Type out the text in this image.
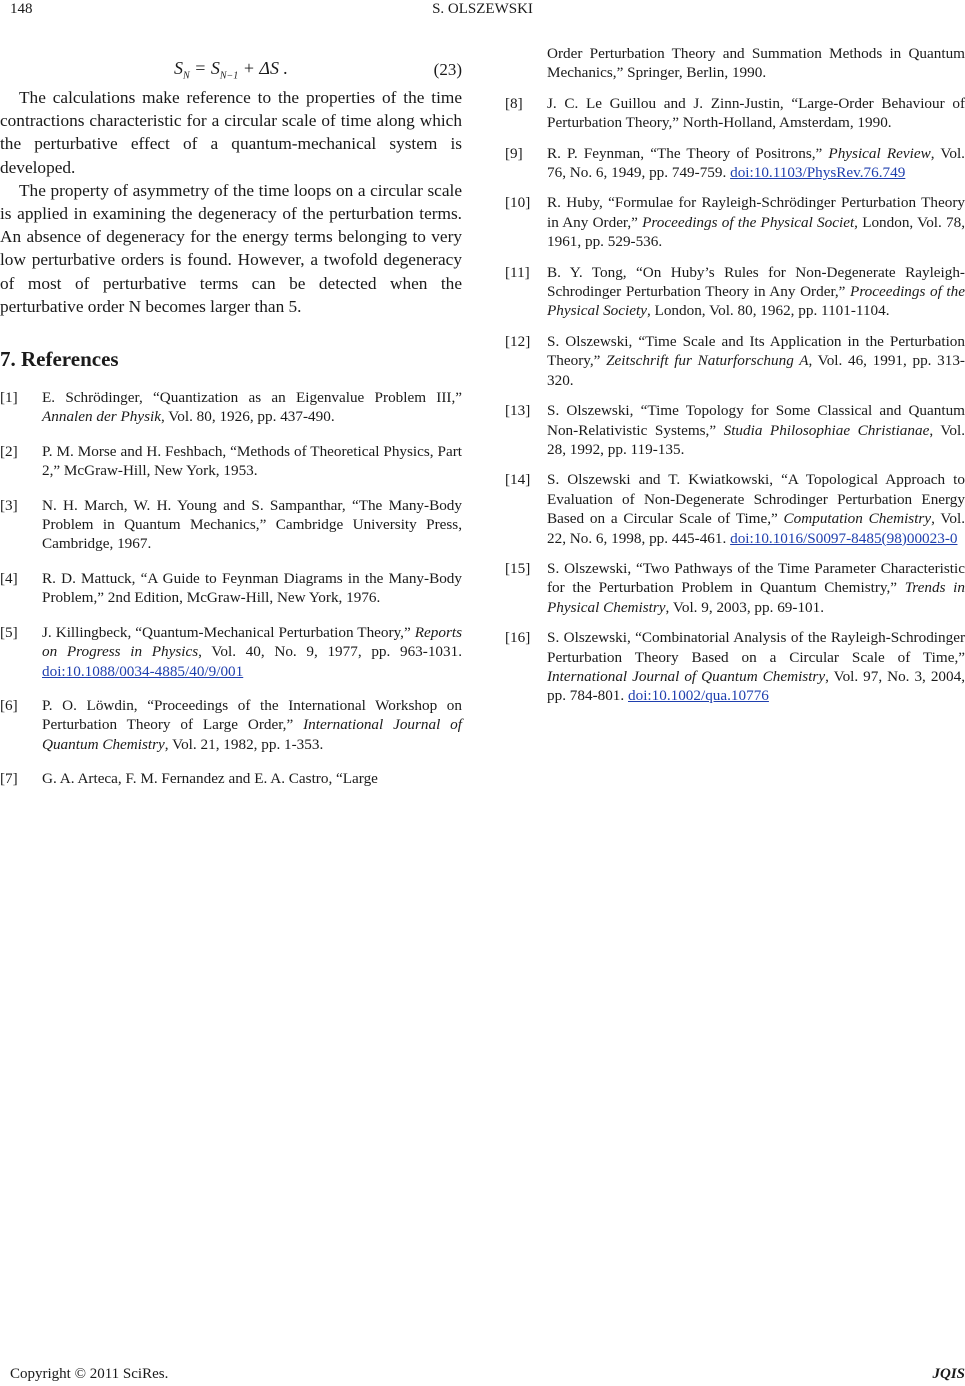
148	S. OLSZEWSKI
$S_N = S_{N-1} + \Delta S$ .	(23)

The calculations make reference to the properties of the time contractions characteristic for a circular scale of time along which the perturbative effect of a quantum-mechanical system is developed.

The property of asymmetry of the time loops on a circular scale is applied in examining the degeneracy of the perturbation terms. An absence of degeneracy for the energy terms belonging to very low perturbative orders is found. However, a twofold degeneracy of most of perturbative terms can be detected when the perturbative order N becomes larger than 5.

7. References
[1] E. Schrödinger, “Quantization as an Eigenvalue Problem III,” Annalen der Physik, Vol. 80, 1926, pp. 437-490.
[2] P. M. Morse and H. Feshbach, “Methods of Theoretical Physics, Part 2,” McGraw-Hill, New York, 1953.
[3] N. H. March, W. H. Young and S. Sampanthar, “The Many-Body Problem in Quantum Mechanics,” Cambridge University Press, Cambridge, 1967.
[4] R. D. Mattuck, “A Guide to Feynman Diagrams in the Many-Body Problem,” 2nd Edition, McGraw-Hill, New York, 1976.
[5] J. Killingbeck, “Quantum-Mechanical Perturbation Theory,” Reports on Progress in Physics, Vol. 40, No. 9, 1977, pp. 963-1031. doi:10.1088/0034-4885/40/9/001
[6] P. O. Löwdin, “Proceedings of the International Workshop on Perturbation Theory of Large Order,” International Journal of Quantum Chemistry, Vol. 21, 1982, pp. 1-353.
[7] G. A. Arteca, F. M. Fernandez and E. A. Castro, “Large
Order Perturbation Theory and Summation Methods in Quantum Mechanics,” Springer, Berlin, 1990.
[8] J. C. Le Guillou and J. Zinn-Justin, “Large-Order Behaviour of Perturbation Theory,” North-Holland, Amsterdam, 1990.
[9] R. P. Feynman, “The Theory of Positrons,” Physical Review, Vol. 76, No. 6, 1949, pp. 749-759. doi:10.1103/PhysRev.76.749
[10] R. Huby, “Formulae for Rayleigh-Schrödinger Perturbation Theory in Any Order,” Proceedings of the Physical Societ, London, Vol. 78, 1961, pp. 529-536.
[11] B. Y. Tong, “On Huby’s Rules for Non-Degenerate Rayleigh-Schrodinger Perturbation Theory in Any Order,” Proceedings of the Physical Society, London, Vol. 80, 1962, pp. 1101-1104.
[12] S. Olszewski, “Time Scale and Its Application in the Perturbation Theory,” Zeitschrift fur Naturforschung A, Vol. 46, 1991, pp. 313-320.
[13] S. Olszewski, “Time Topology for Some Classical and Quantum Non-Relativistic Systems,” Studia Philosophiae Christianae, Vol. 28, 1992, pp. 119-135.
[14] S. Olszewski and T. Kwiatkowski, “A Topological Approach to Evaluation of Non-Degenerate Schrodinger Perturbation Energy Based on a Circular Scale of Time,” Computation Chemistry, Vol. 22, No. 6, 1998, pp. 445-461. doi:10.1016/S0097-8485(98)00023-0
[15] S. Olszewski, “Two Pathways of the Time Parameter Characteristic for the Perturbation Problem in Quantum Chemistry,” Trends in Physical Chemistry, Vol. 9, 2003, pp. 69-101.
[16] S. Olszewski, “Combinatorial Analysis of the Rayleigh-Schrodinger Perturbation Theory Based on a Circular Scale of Time,” International Journal of Quantum Chemistry, Vol. 97, No. 3, 2004, pp. 784-801. doi:10.1002/qua.10776
Copyright © 2011 SciRes.	JQIS
